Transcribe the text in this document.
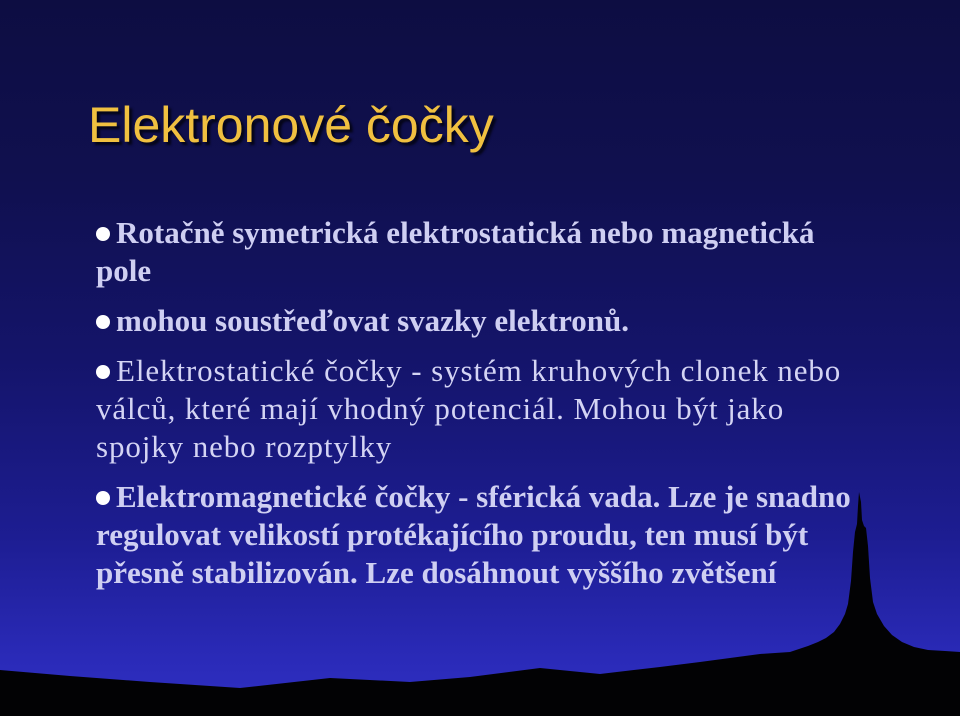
Elektronové čočky

Rotačně symetrická elektrostatická nebo magnetická pole

mohou soustřeďovat svazky elektronů.

Elektrostatické čočky - systém kruhových clonek nebo válců, které mají vhodný potenciál. Mohou být jako spojky nebo rozptylky

Elektromagnetické čočky - sférická vada. Lze je snadno regulovat velikostí protékajícího proudu, ten musí být přesně stabilizován. Lze dosáhnout vyššího zvětšení
